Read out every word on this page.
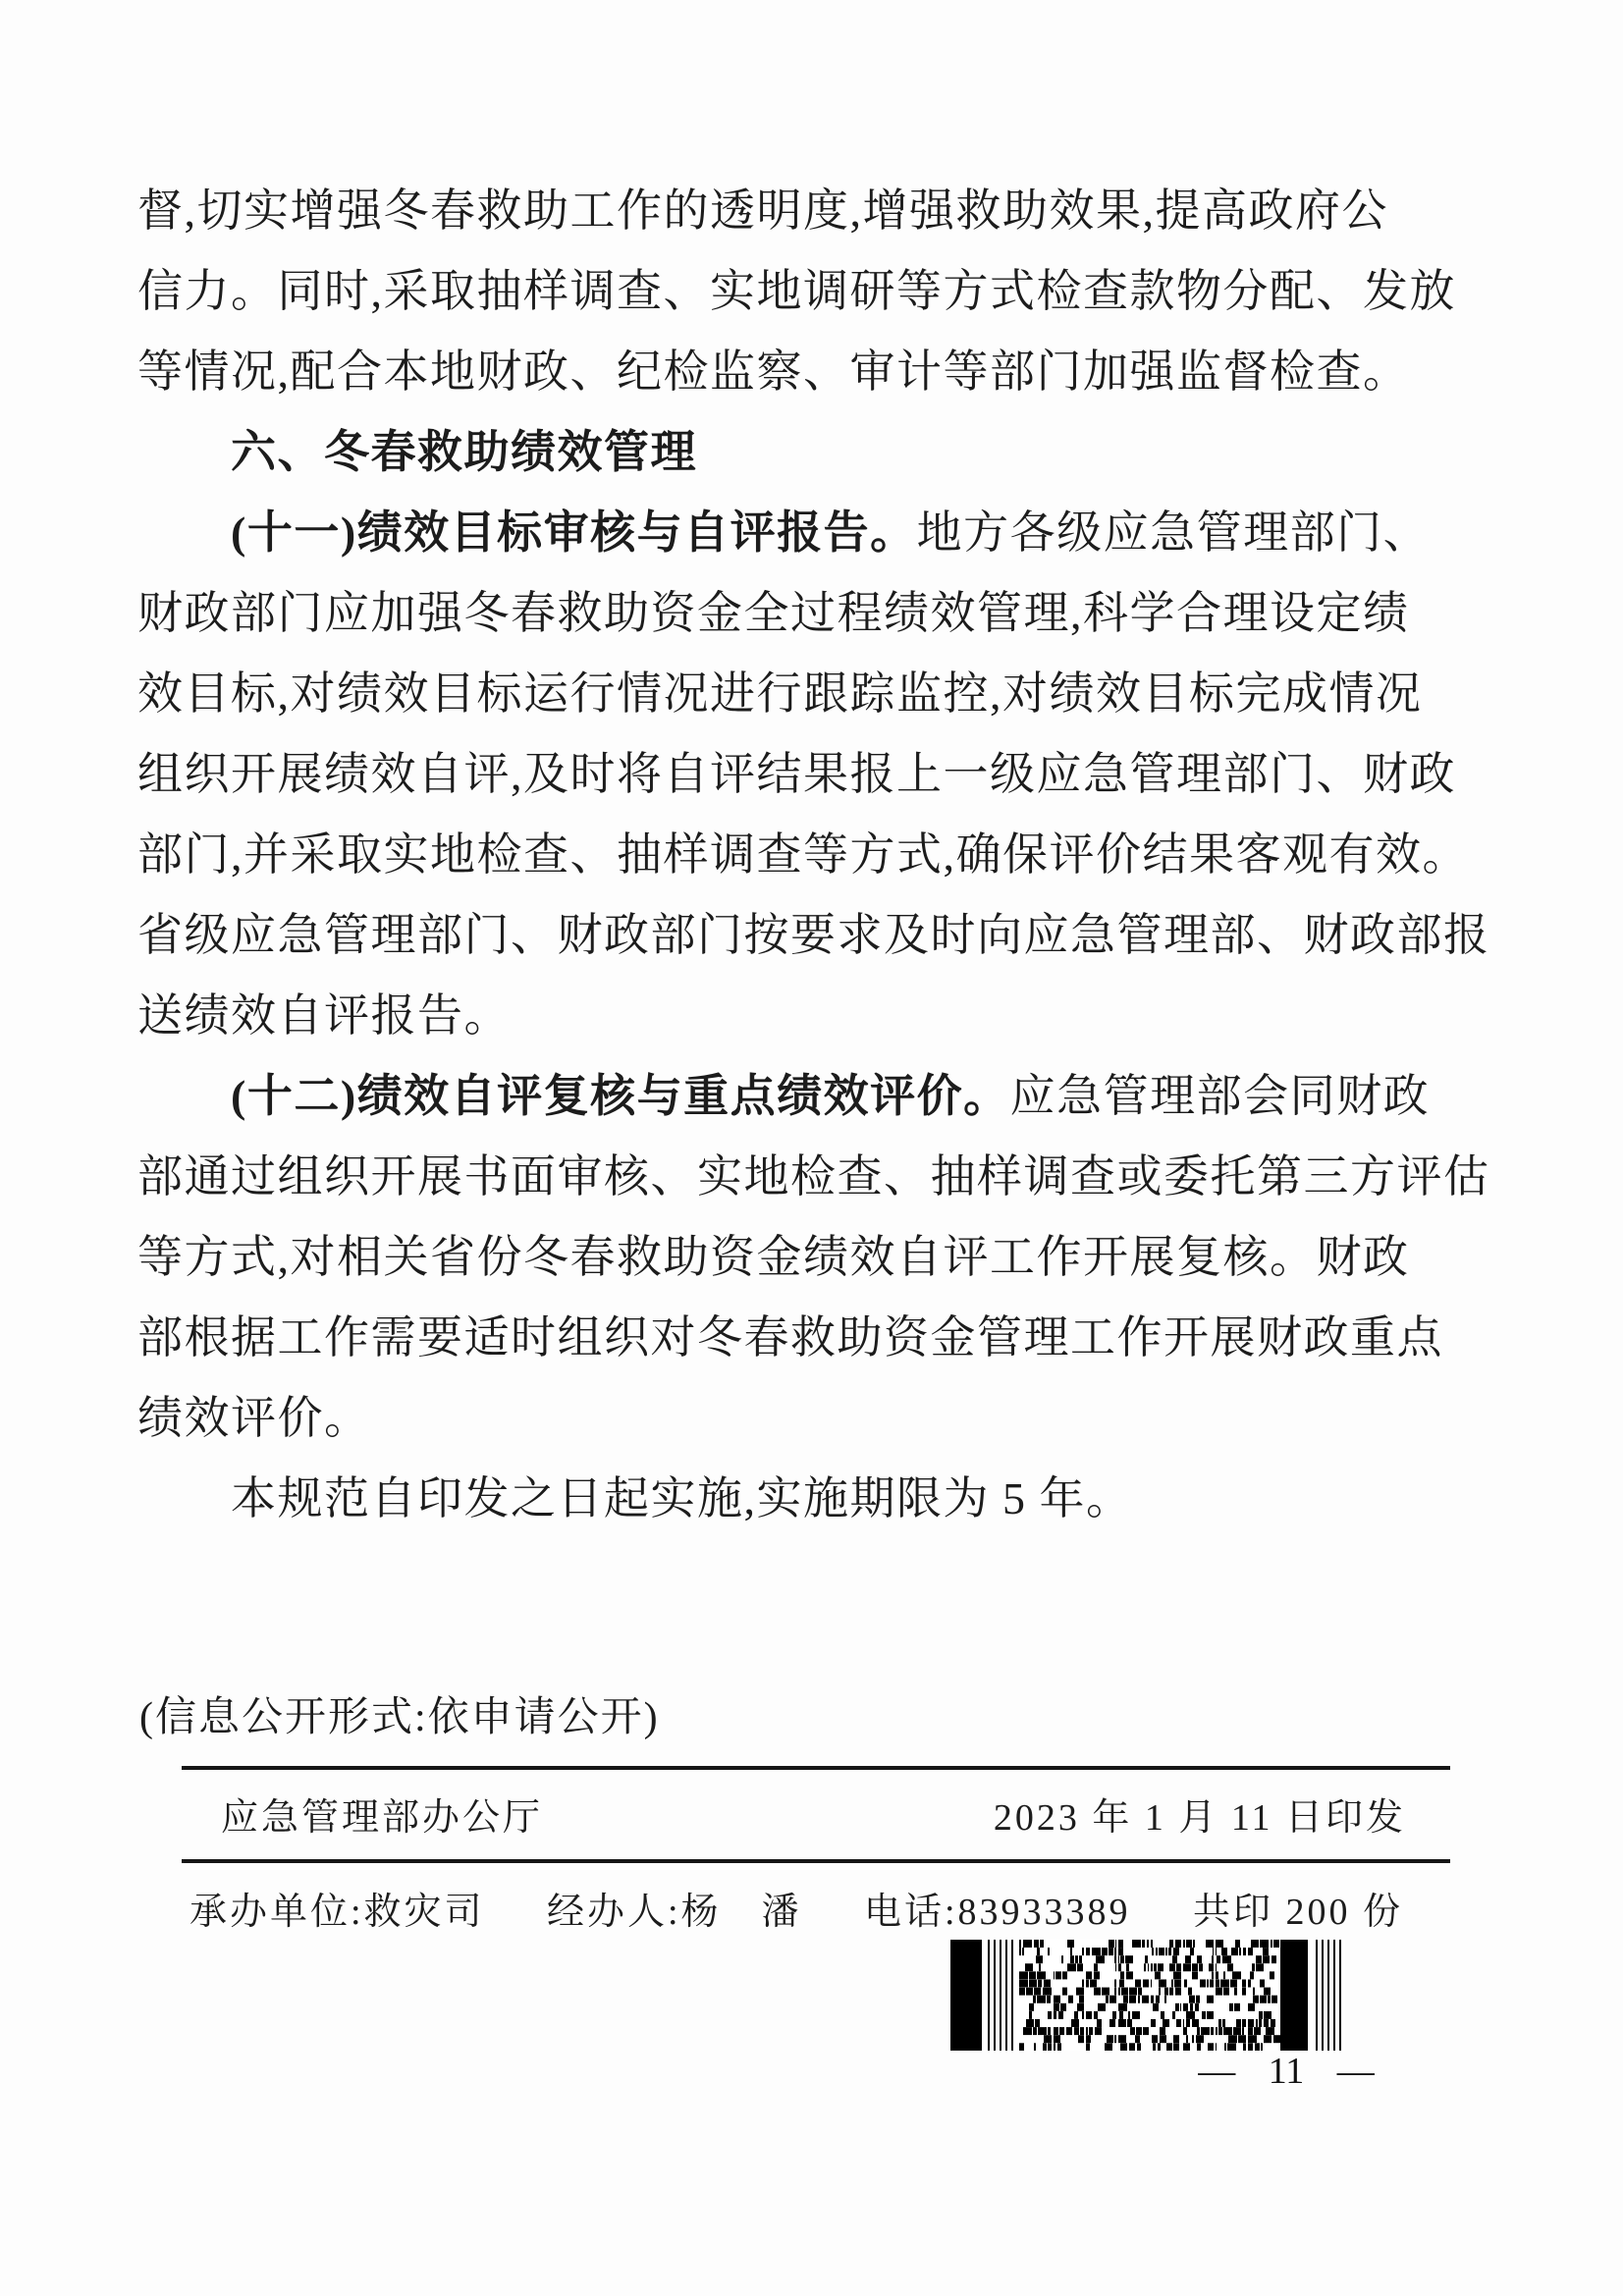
督,切实增强冬春救助工作的透明度,增强救助效果,提高政府公
信力。同时,采取抽样调查、实地调研等方式检查款物分配、发放
等情况,配合本地财政、纪检监察、审计等部门加强监督检查。
六、冬春救助绩效管理
(十一)绩效目标审核与自评报告。地方各级应急管理部门、
财政部门应加强冬春救助资金全过程绩效管理,科学合理设定绩
效目标,对绩效目标运行情况进行跟踪监控,对绩效目标完成情况
组织开展绩效自评,及时将自评结果报上一级应急管理部门、财政
部门,并采取实地检查、抽样调查等方式,确保评价结果客观有效。
省级应急管理部门、财政部门按要求及时向应急管理部、财政部报
送绩效自评报告。
(十二)绩效自评复核与重点绩效评价。应急管理部会同财政
部通过组织开展书面审核、实地检查、抽样调查或委托第三方评估
等方式,对相关省份冬春救助资金绩效自评工作开展复核。财政
部根据工作需要适时组织对冬春救助资金管理工作开展财政重点
绩效评价。
本规范自印发之日起实施,实施期限为 5 年。
(信息公开形式:依申请公开)
应急管理部办公厅	2023 年 1 月 11 日印发
承办单位:救灾司 经办人:杨　潘 电话:83933389 共印 200 份
— 11 —
